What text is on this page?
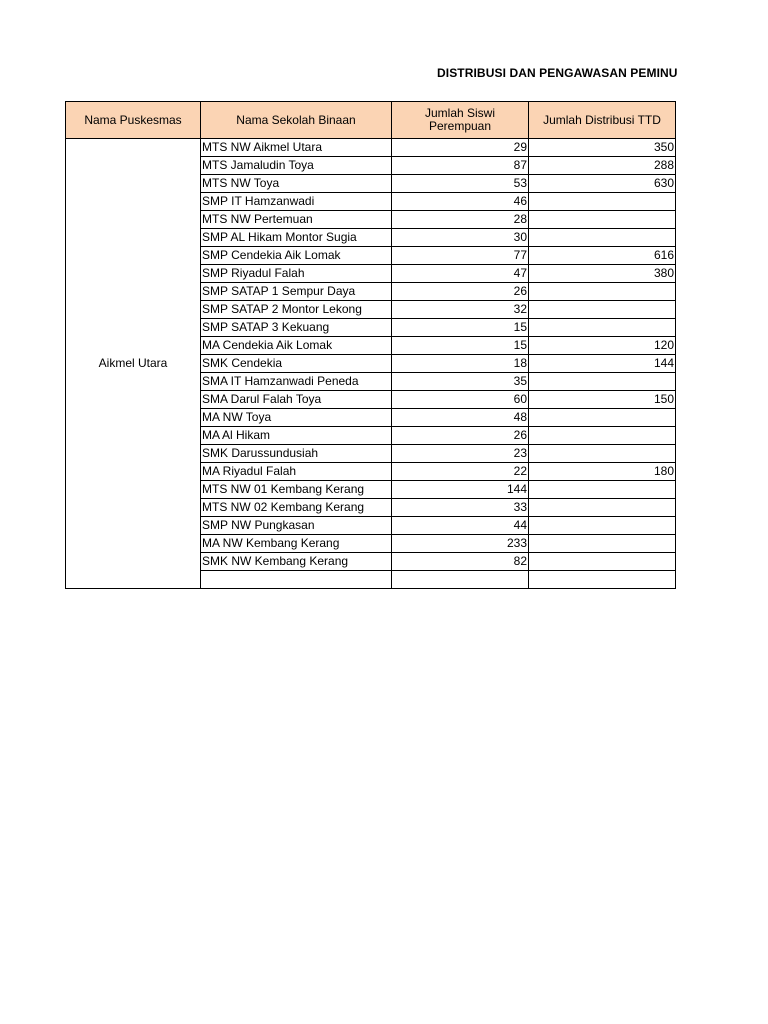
DISTRIBUSI DAN PENGAWASAN PEMINU
Nama Puskesmas	Nama Sekolah Binaan	Jumlah Siswi Perempuan	Jumlah Distribusi TTD
Aikmel Utara	MTS NW Aikmel Utara	29	350
	MTS Jamaludin Toya	87	288
	MTS NW Toya	53	630
	SMP IT Hamzanwadi	46	
	MTS NW Pertemuan	28	
	SMP AL Hikam Montor Sugia	30	
	SMP Cendekia Aik Lomak	77	616
	SMP Riyadul Falah	47	380
	SMP SATAP 1 Sempur Daya	26	
	SMP SATAP 2 Montor Lekong	32	
	SMP SATAP 3 Kekuang	15	
	MA Cendekia Aik Lomak	15	120
	SMK Cendekia	18	144
	SMA IT Hamzanwadi Peneda	35	
	SMA Darul Falah Toya	60	150
	MA NW Toya	48	
	MA Al Hikam	26	
	SMK Darussundusiah	23	
	MA Riyadul Falah	22	180
	MTS NW 01 Kembang Kerang	144	
	MTS NW 02 Kembang Kerang	33	
	SMP NW Pungkasan	44	
	MA NW Kembang Kerang	233	
	SMK NW Kembang Kerang	82	
